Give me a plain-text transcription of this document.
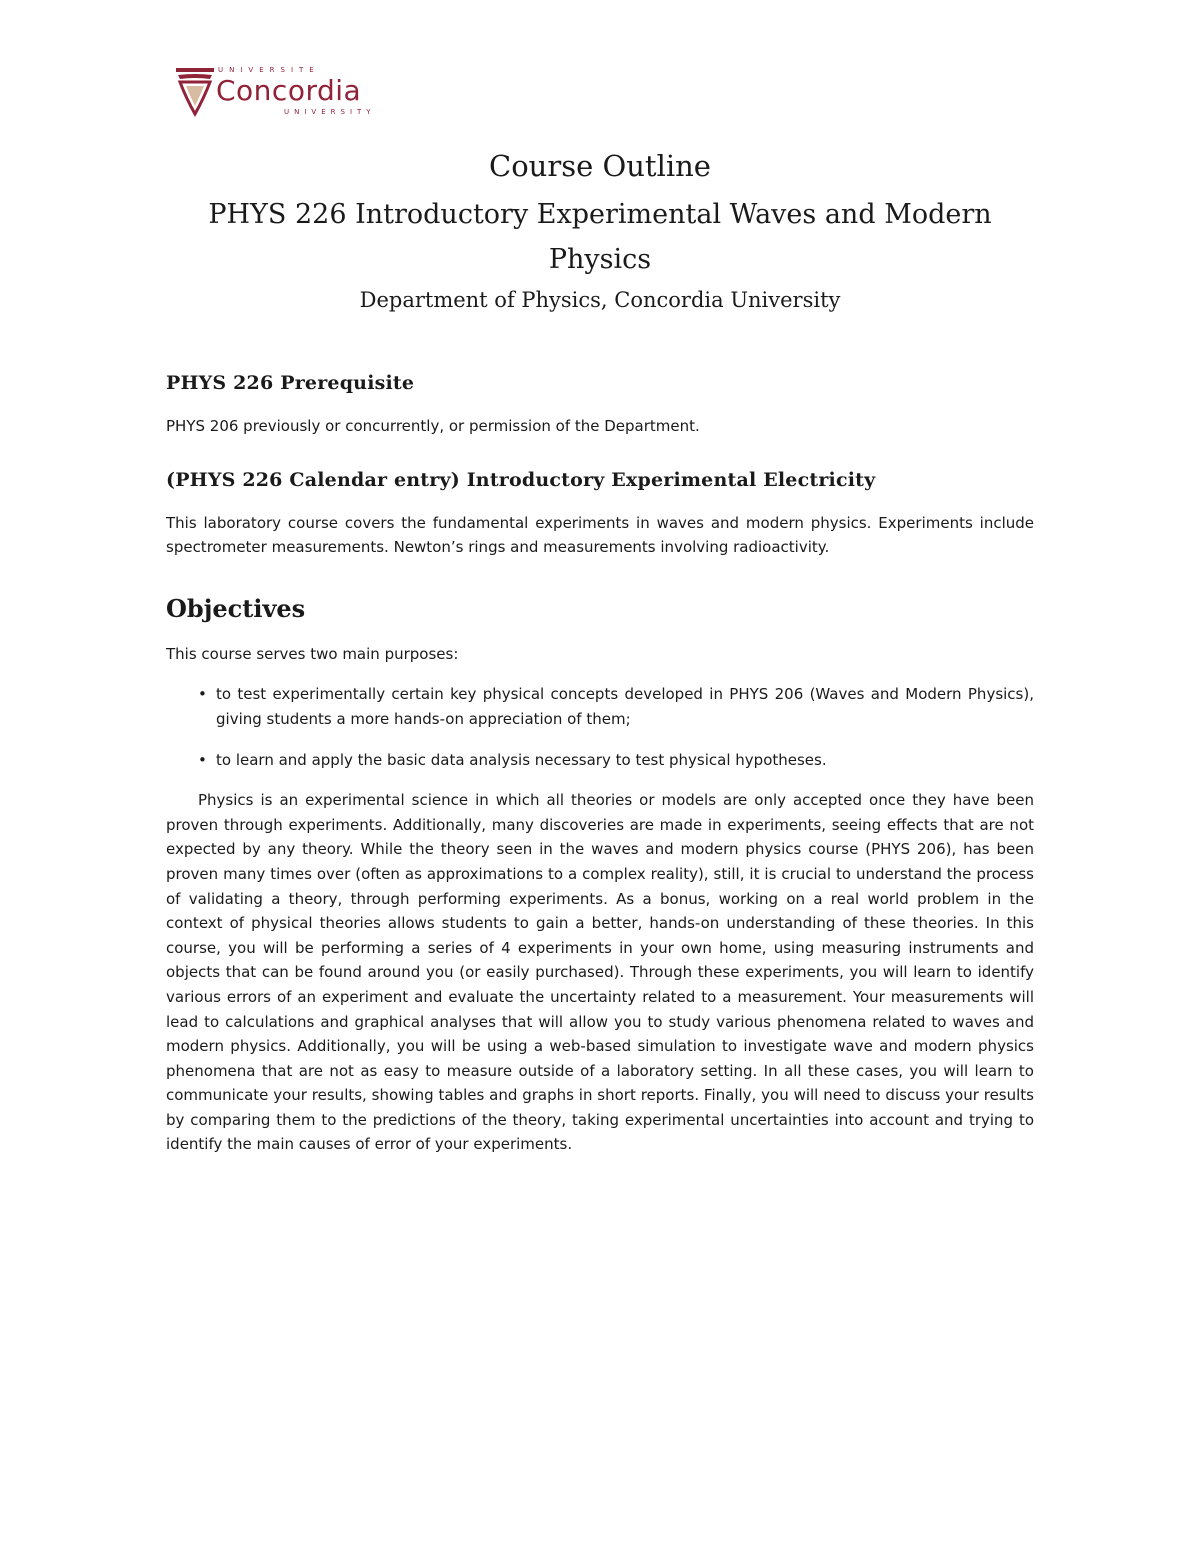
UNIVERSITE
Concordia
UNIVERSITY
Course Outline
PHYS 226 Introductory Experimental Waves and Modern Physics
Department of Physics, Concordia University
PHYS 226 Prerequisite

PHYS 206 previously or concurrently, or permission of the Department.

(PHYS 226 Calendar entry) Introductory Experimental Electricity

This laboratory course covers the fundamental experiments in waves and modern physics. Experiments include spectrometer measurements. Newton’s rings and measurements involving radioactivity.

Objectives

This course serves two main purposes:

• to test experimentally certain key physical concepts developed in PHYS 206 (Waves and Modern Physics), giving students a more hands-on appreciation of them;
• to learn and apply the basic data analysis necessary to test physical hypotheses.

Physics is an experimental science in which all theories or models are only accepted once they have been proven through experiments. Additionally, many discoveries are made in experiments, seeing effects that are not expected by any theory. While the theory seen in the waves and modern physics course (PHYS 206), has been proven many times over (often as approximations to a complex reality), still, it is crucial to understand the process of validating a theory, through performing experiments. As a bonus, working on a real world problem in the context of physical theories allows students to gain a better, hands-on understanding of these theories. In this course, you will be performing a series of 4 experiments in your own home, using measuring instruments and objects that can be found around you (or easily purchased). Through these experiments, you will learn to identify various errors of an experiment and evaluate the uncertainty related to a measurement. Your measurements will lead to calculations and graphical analyses that will allow you to study various phenomena related to waves and modern physics. Additionally, you will be using a web-based simulation to investigate wave and modern physics phenomena that are not as easy to measure outside of a laboratory setting. In all these cases, you will learn to communicate your results, showing tables and graphs in short reports. Finally, you will need to discuss your results by comparing them to the predictions of the theory, taking experimental uncertainties into account and trying to identify the main causes of error of your experiments.
